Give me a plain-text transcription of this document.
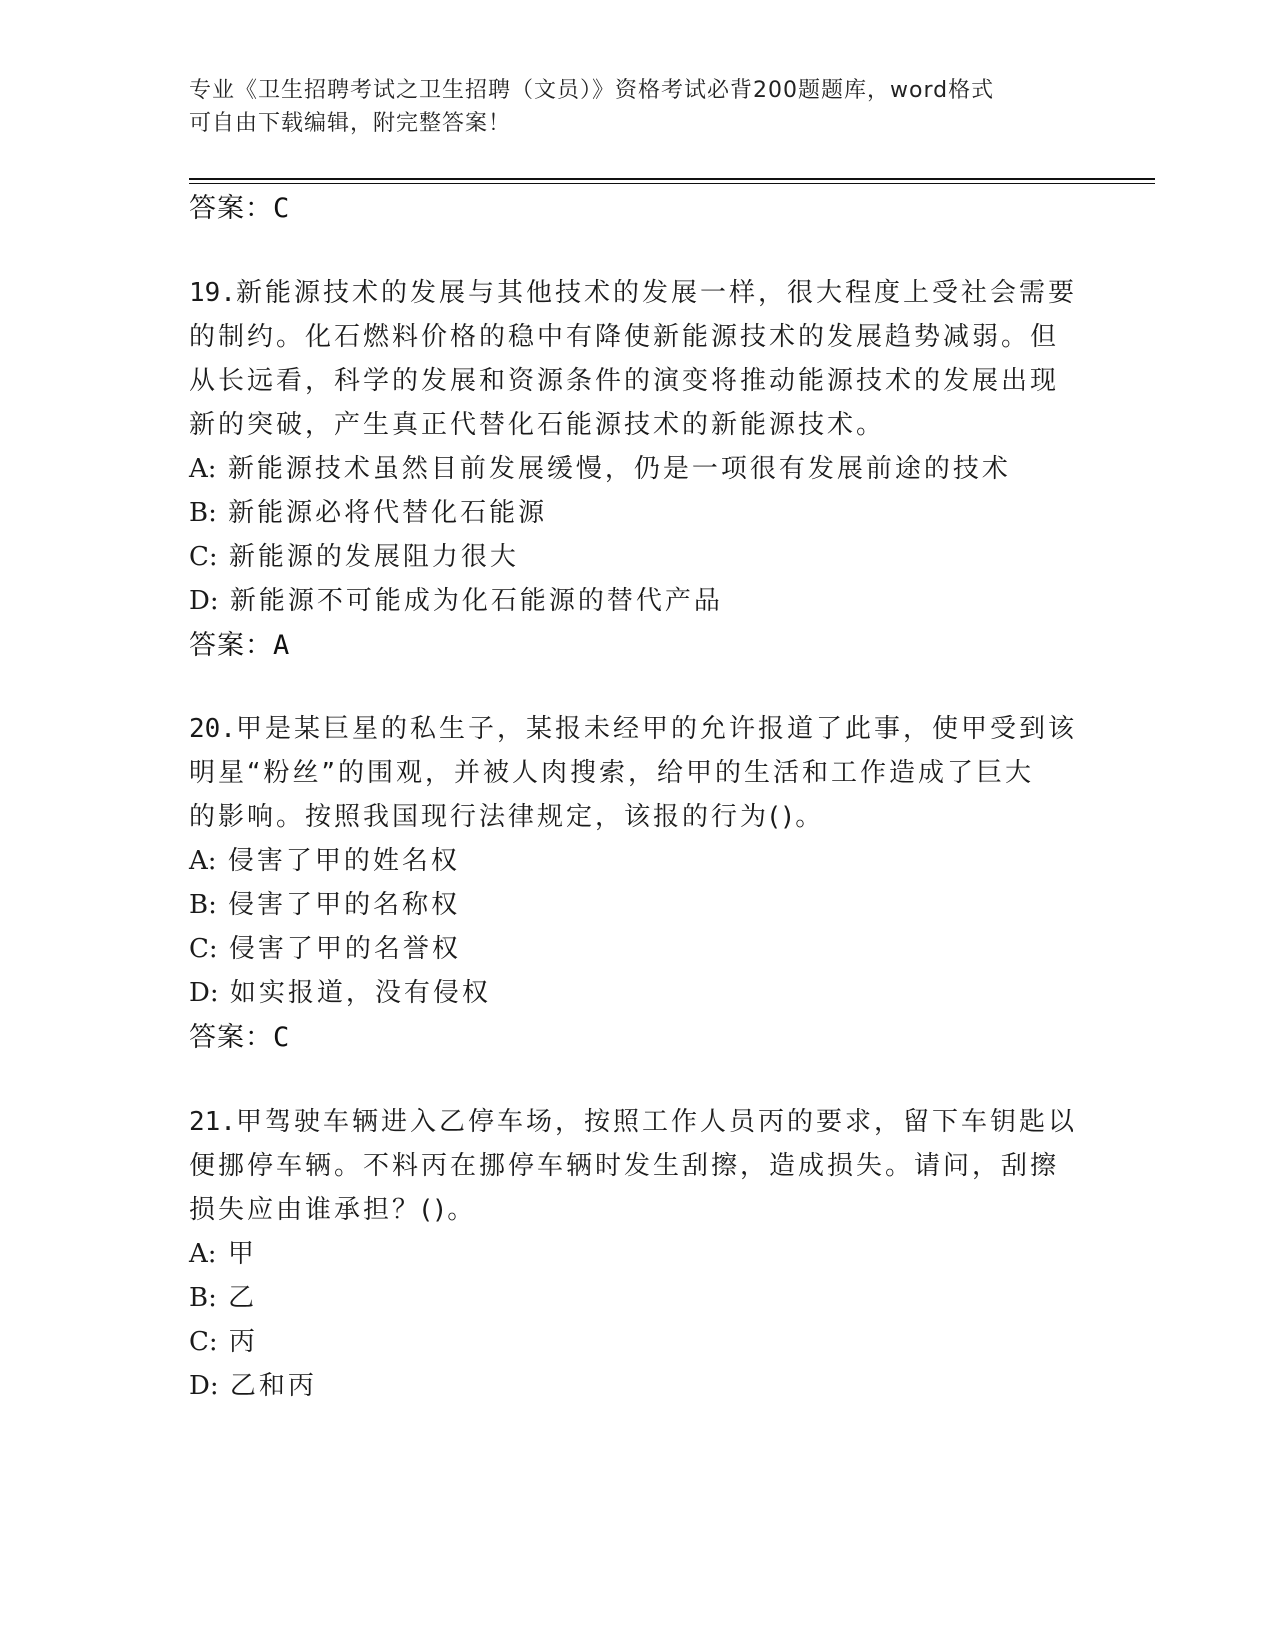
专业《卫生招聘考试之卫生招聘（文员）》资格考试必背200题题库，word格式
可自由下载编辑，附完整答案！
答案：C
19.新能源技术的发展与其他技术的发展一样，很大程度上受社会需要
的制约。化石燃料价格的稳中有降使新能源技术的发展趋势减弱。但
从长远看，科学的发展和资源条件的演变将推动能源技术的发展出现
新的突破，产生真正代替化石能源技术的新能源技术。
A: 新能源技术虽然目前发展缓慢，仍是一项很有发展前途的技术
B: 新能源必将代替化石能源
C: 新能源的发展阻力很大
D: 新能源不可能成为化石能源的替代产品
答案：A
20.甲是某巨星的私生子，某报未经甲的允许报道了此事，使甲受到该
明星“粉丝”的围观，并被人肉搜索，给甲的生活和工作造成了巨大
的影响。按照我国现行法律规定，该报的行为()。
A: 侵害了甲的姓名权
B: 侵害了甲的名称权
C: 侵害了甲的名誉权
D: 如实报道，没有侵权
答案：C
21.甲驾驶车辆进入乙停车场，按照工作人员丙的要求，留下车钥匙以
便挪停车辆。不料丙在挪停车辆时发生刮擦，造成损失。请问，刮擦
损失应由谁承担？()。
A: 甲
B: 乙
C: 丙
D: 乙和丙
